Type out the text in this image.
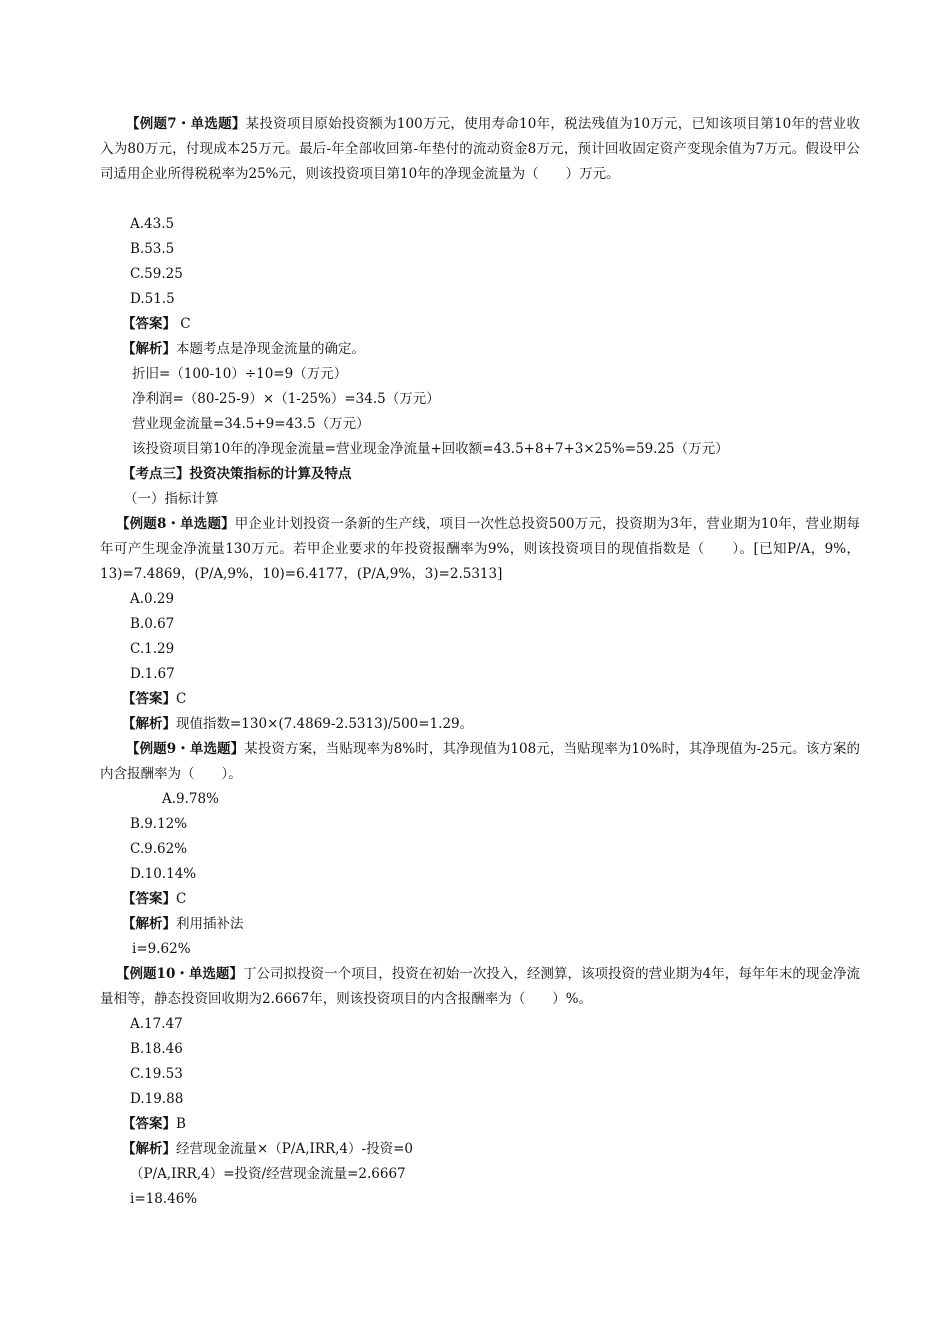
【例题7・单选题】某投资项目原始投资额为100万元，使用寿命10年，税法残值为10万元，已知该项目第10年的营业收入为80万元，付现成本25万元。最后-年全部收回第-年垫付的流动资金8万元，预计回收固定资产变现余值为7万元。假设甲公司适用企业所得税税率为25%元，则该投资项目第10年的净现金流量为（　　）万元。
A.43.5
B.53.5
C.59.25
D.51.5
【答案】 C
【解析】本题考点是净现金流量的确定。
折旧=（100-10）÷10=9（万元）
净利润=（80-25-9）×（1-25%）=34.5（万元）
营业现金流量=34.5+9=43.5（万元）
该投资项目第10年的净现金流量=营业现金净流量+回收额=43.5+8+7+3×25%=59.25（万元）
【考点三】投资决策指标的计算及特点
（一）指标计算
【例题8・单选题】甲企业计划投资一条新的生产线，项目一次性总投资500万元，投资期为3年，营业期为10年，营业期每年可产生现金净流量130万元。若甲企业要求的年投资报酬率为9%，则该投资项目的现值指数是（　　）。[已知P/A，9%，13)=7.4869，(P/A,9%，10)=6.4177，(P/A,9%，3)=2.5313]
A.0.29
B.0.67
C.1.29
D.1.67
【答案】C
【解析】现值指数=130×(7.4869-2.5313)/500=1.29。
【例题9・单选题】某投资方案，当贴现率为8%时，其净现值为108元，当贴现率为10%时，其净现值为-25元。该方案的内含报酬率为（　　）。
A.9.78%
B.9.12%
C.9.62%
D.10.14%
【答案】C
【解析】利用插补法
i=9.62%
【例题10・单选题】丁公司拟投资一个项目，投资在初始一次投入，经测算，该项投资的营业期为4年，每年年末的现金净流量相等，静态投资回收期为2.6667年，则该投资项目的内含报酬率为（　　）%。
A.17.47
B.18.46
C.19.53
D.19.88
【答案】B
【解析】经营现金流量×（P/A,IRR,4）-投资=0
（P/A,IRR,4）=投资/经营现金流量=2.6667
i=18.46%
